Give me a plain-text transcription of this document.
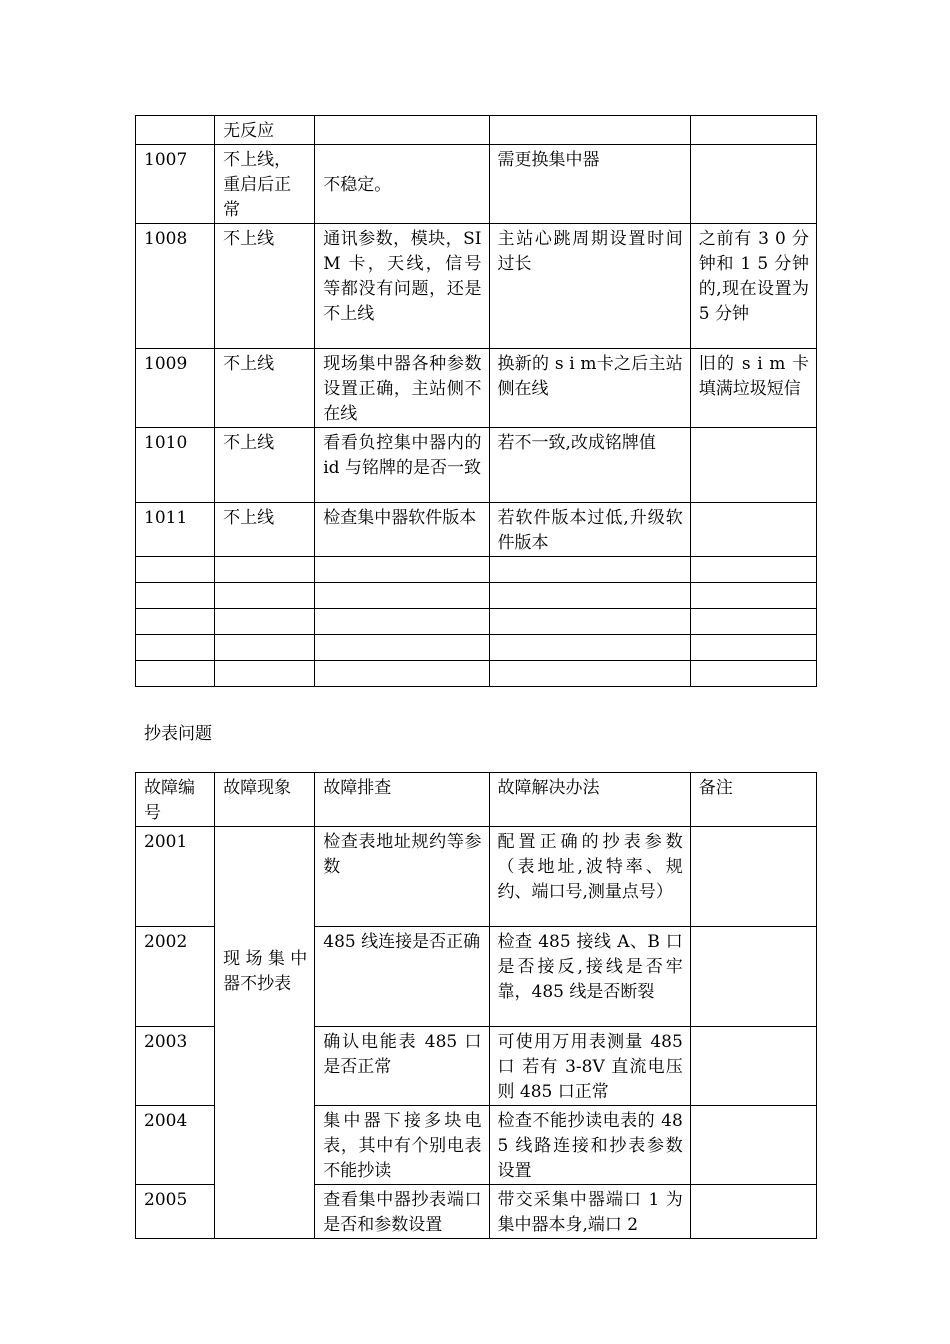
	无反应			
1007	不上线，重启后正常	不稳定。	需更换集中器	
1008	不上线	通讯参数，模块，SIM 卡，天线，信号等都没有问题，还是不上线	主站心跳周期设置时间过长	之前有 3 0 分钟和 1 5 分钟的,现在设置为 5 分钟
1009	不上线	现场集中器各种参数设置正确，主站侧不在线	换新的 s i m卡之后主站侧在线	旧的 s i m 卡填满垃圾短信
1010	不上线	看看负控集中器内的 id 与铭牌的是否一致	若不一致,改成铭牌值	
1011	不上线	检查集中器软件版本	若软件版本过低,升级软件版本	

抄表问题
故障编号	故障现象	故障排查	故障解决办法	备注
2001	现场集中器不抄表	检查表地址规约等参数	配置正确的抄表参数（表地址,波特率、规约、端口号,测量点号）	
2002		485 线连接是否正确	检查 485 接线 A、B 口是否接反,接线是否牢靠，485 线是否断裂	
2003		确认电能表 485 口是否正常	可使用万用表测量 485 口 若有 3-8V 直流电压则 485 口正常	
2004		集中器下接多块电表，其中有个别电表不能抄读	检查不能抄读电表的 485 线路连接和抄表参数设置	
2005		查看集中器抄表端口是否和参数设置	带交采集中器端口 1 为集中器本身,端口 2	
